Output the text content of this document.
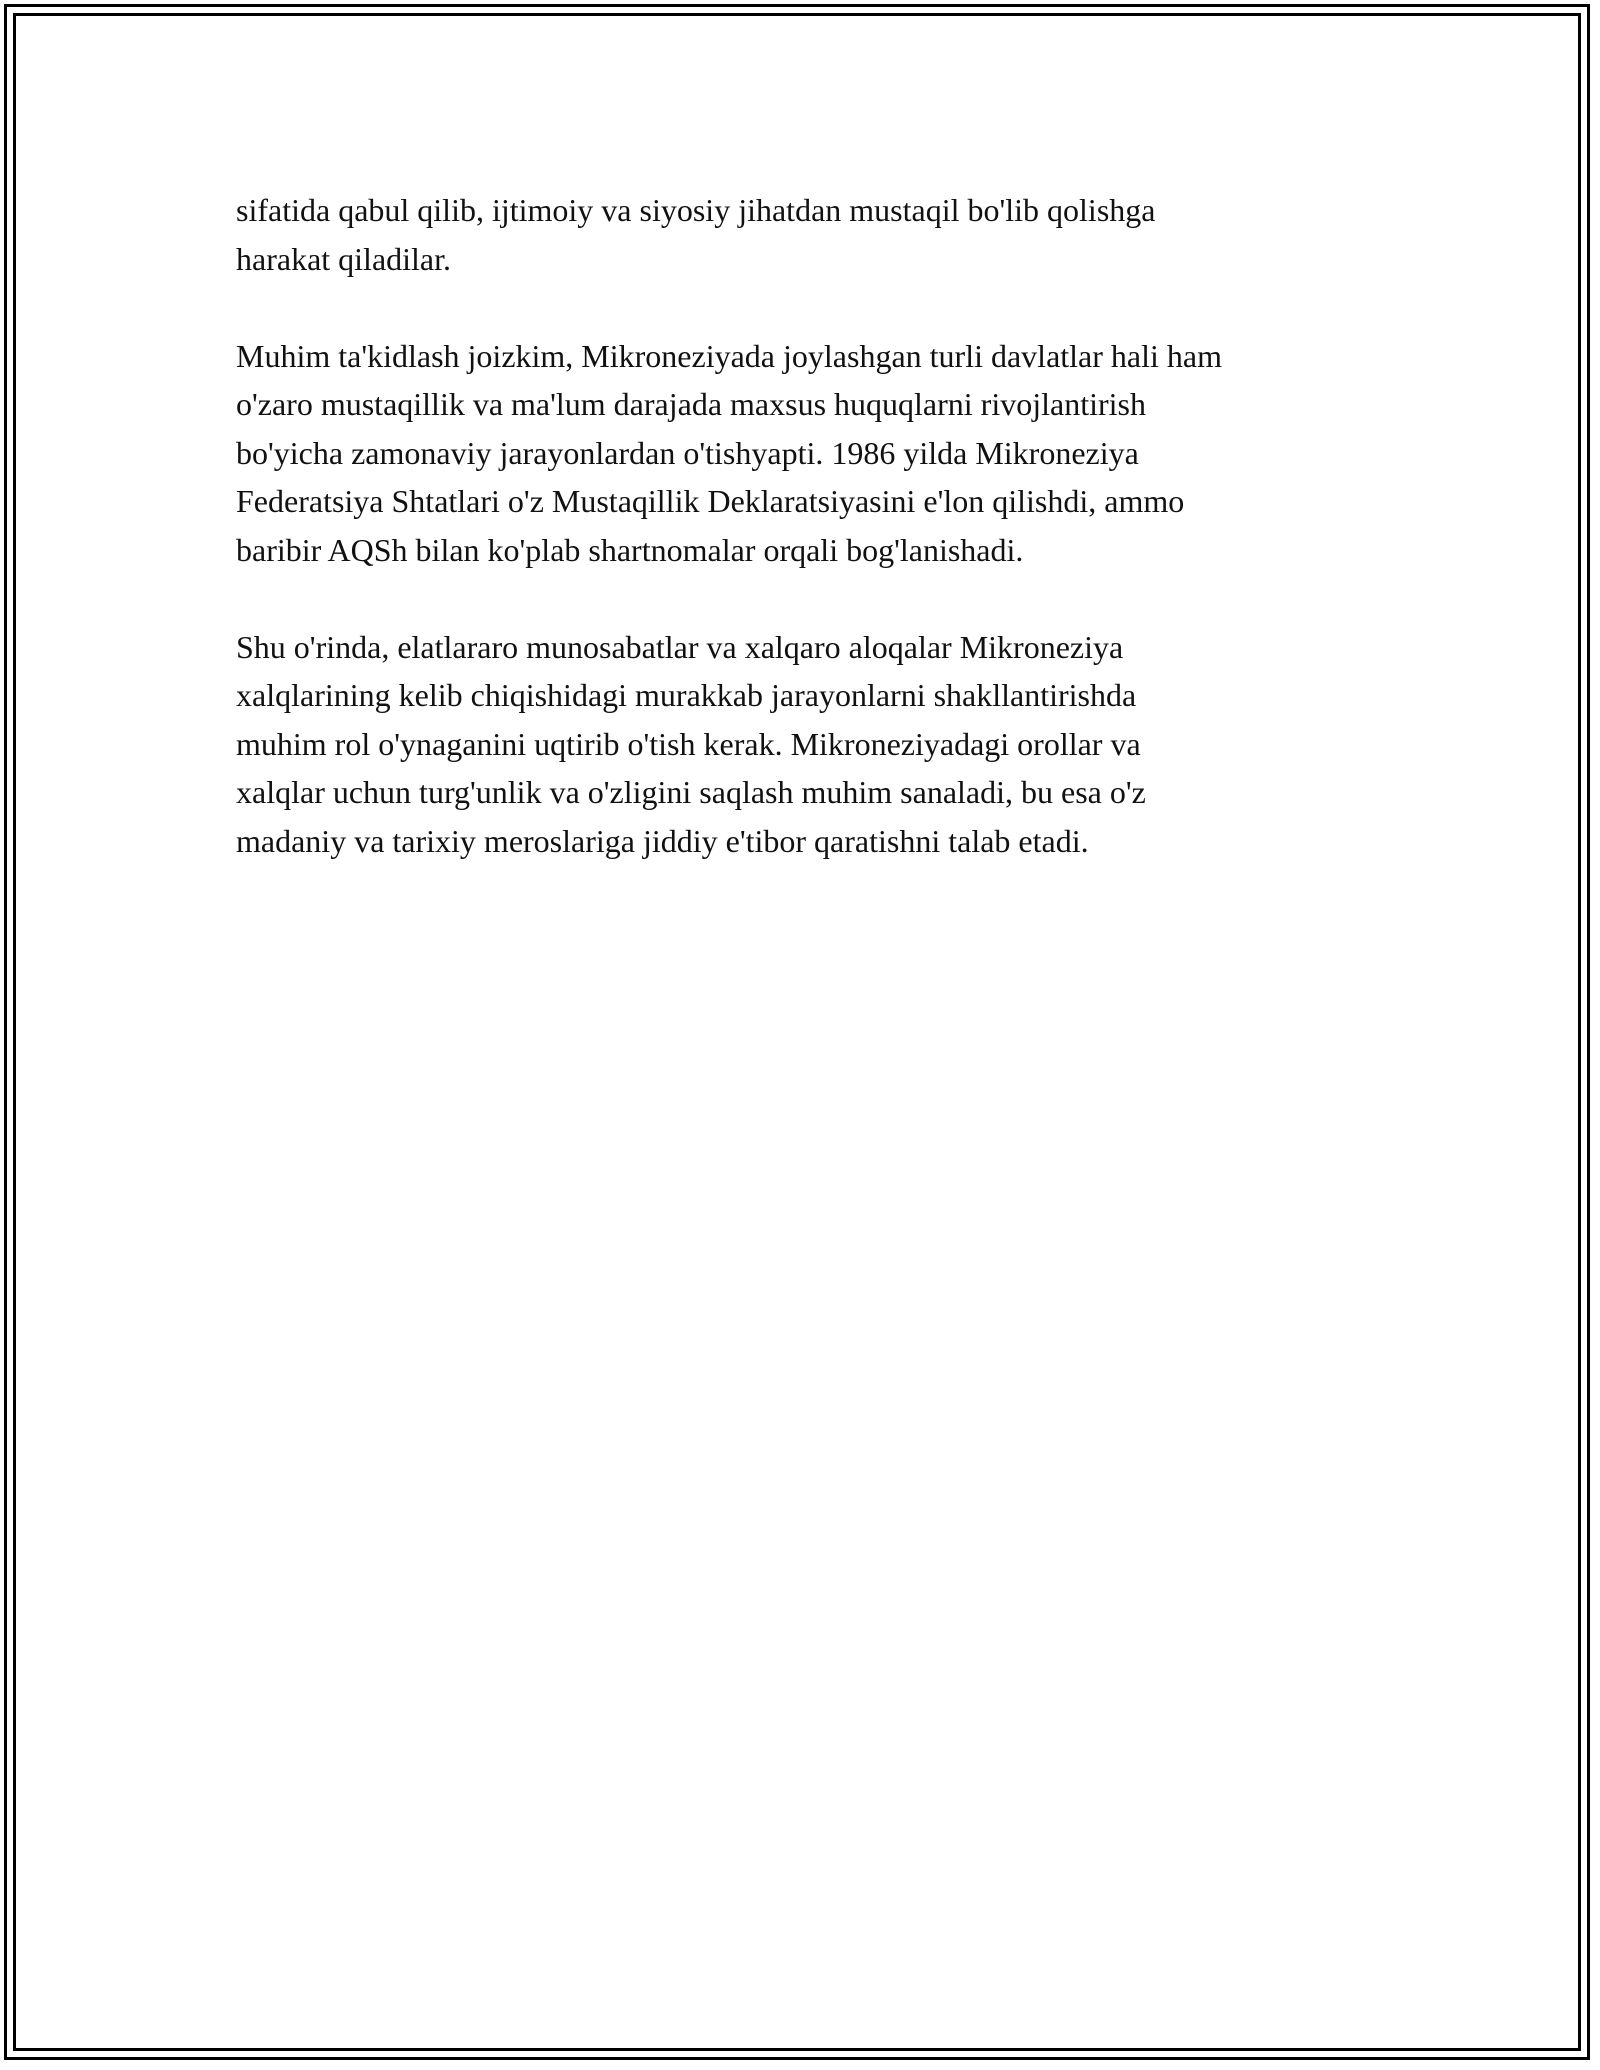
sifatida qabul qilib, ijtimoiy va siyosiy jihatdan mustaqil bo'lib qolishga
harakat qiladilar.

Muhim ta'kidlash joizkim, Mikroneziyada joylashgan turli davlatlar hali ham
o'zaro mustaqillik va ma'lum darajada maxsus huquqlarni rivojlantirish
bo'yicha zamonaviy jarayonlardan o'tishyapti. 1986 yilda Mikroneziya
Federatsiya Shtatlari o'z Mustaqillik Deklaratsiyasini e'lon qilishdi, ammo
baribir AQSh bilan ko'plab shartnomalar orqali bog'lanishadi.

Shu o'rinda, elatlararo munosabatlar va xalqaro aloqalar Mikroneziya
xalqlarining kelib chiqishidagi murakkab jarayonlarni shakllantirishda
muhim rol o'ynaganini uqtirib o'tish kerak. Mikroneziyadagi orollar va
xalqlar uchun turg'unlik va o'zligini saqlash muhim sanaladi, bu esa o'z
madaniy va tarixiy meroslariga jiddiy e'tibor qaratishni talab etadi.
